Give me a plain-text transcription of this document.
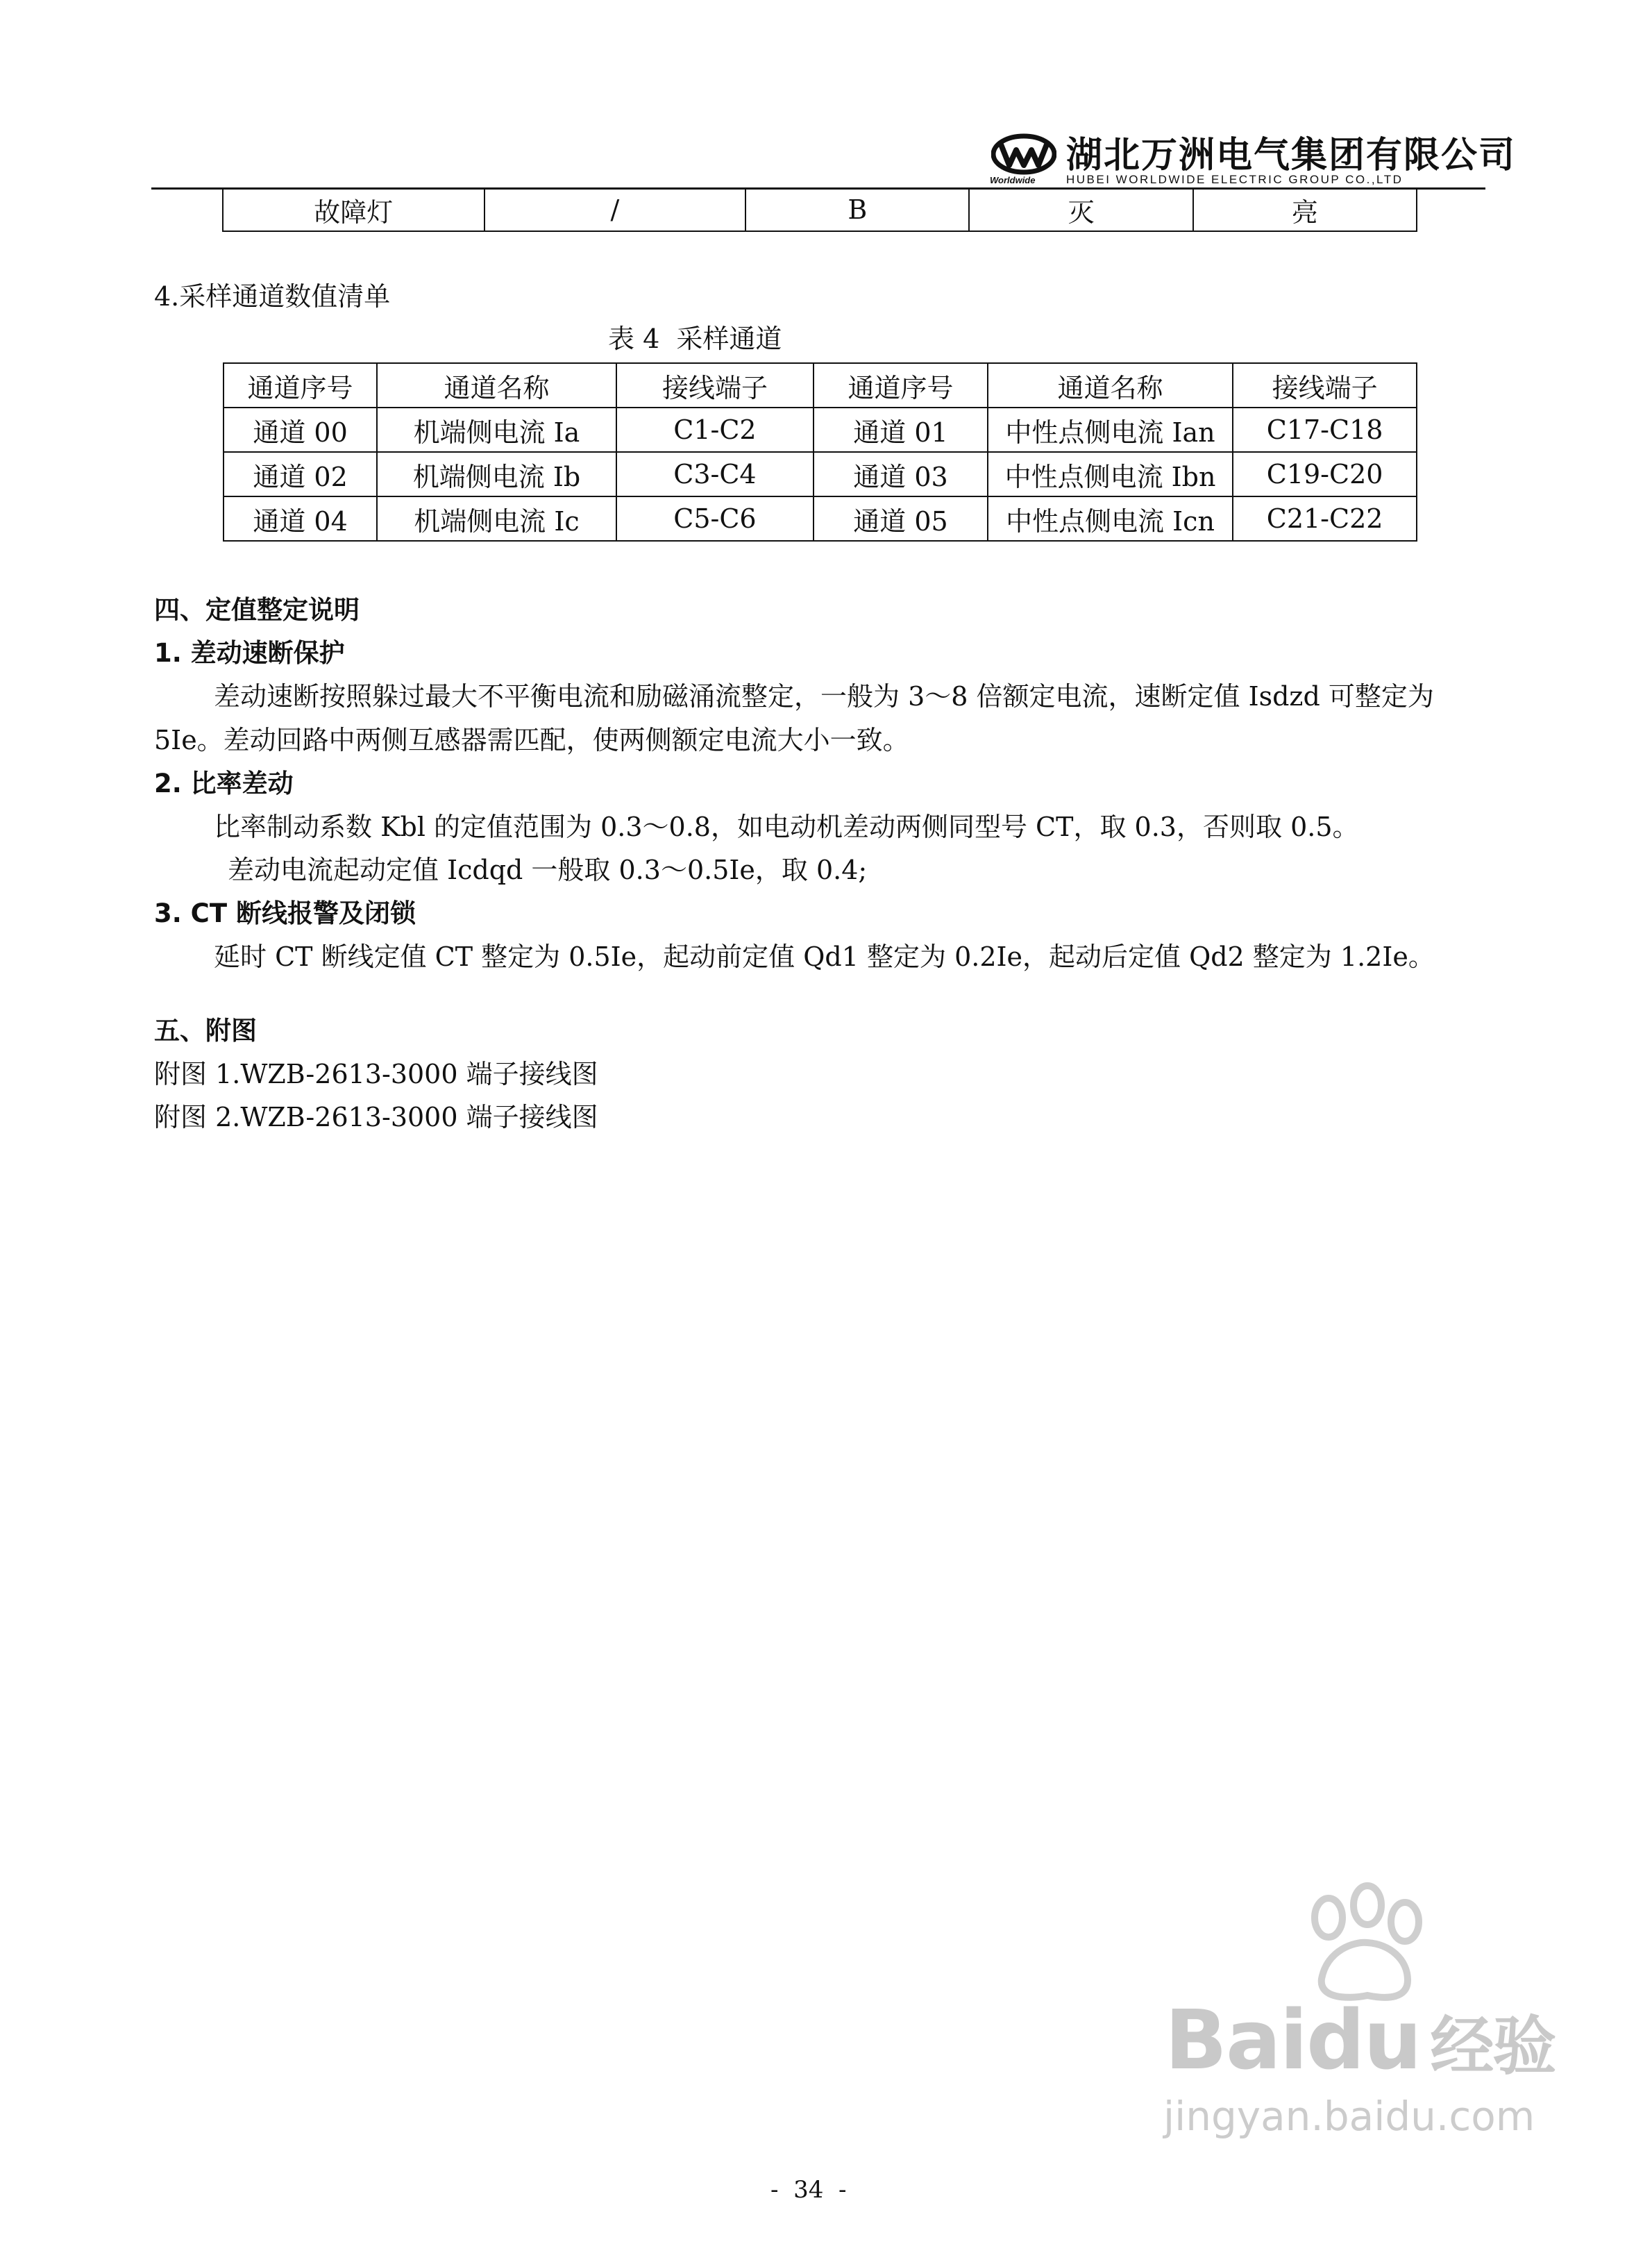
Worldwide
湖北万洲电气集团有限公司
HUBEI WORLDWIDE ELECTRIC GROUP CO.,LTD
故障灯	/	B	灭	亮
4.采样通道数值清单
表 4  采样通道
通道序号	通道名称	接线端子	通道序号	通道名称	接线端子
通道 00	机端侧电流 Ia	C1-C2	通道 01	中性点侧电流 Ian	C17-C18
通道 02	机端侧电流 Ib	C3-C4	通道 03	中性点侧电流 Ibn	C19-C20
通道 04	机端侧电流 Ic	C5-C6	通道 05	中性点侧电流 Icn	C21-C22
四、定值整定说明
1. 差动速断保护
差动速断按照躲过最大不平衡电流和励磁涌流整定，一般为 3～8 倍额定电流，速断定值 Isdzd 可整定为
5Ie。差动回路中两侧互感器需匹配，使两侧额定电流大小一致。
2. 比率差动
比率制动系数 Kbl 的定值范围为 0.3～0.8，如电动机差动两侧同型号 CT，取 0.3，否则取 0.5。
差动电流起动定值 Icdqd 一般取 0.3～0.5Ie，取 0.4;
3. CT 断线报警及闭锁
延时 CT 断线定值 CT 整定为 0.5Ie，起动前定值 Qd1 整定为 0.2Ie，起动后定值 Qd2 整定为 1.2Ie。
五、附图
附图 1.WZB-2613-3000 端子接线图
附图 2.WZB-2613-3000 端子接线图
Baidu 经验
jingyan.baidu.com
-  34  -
